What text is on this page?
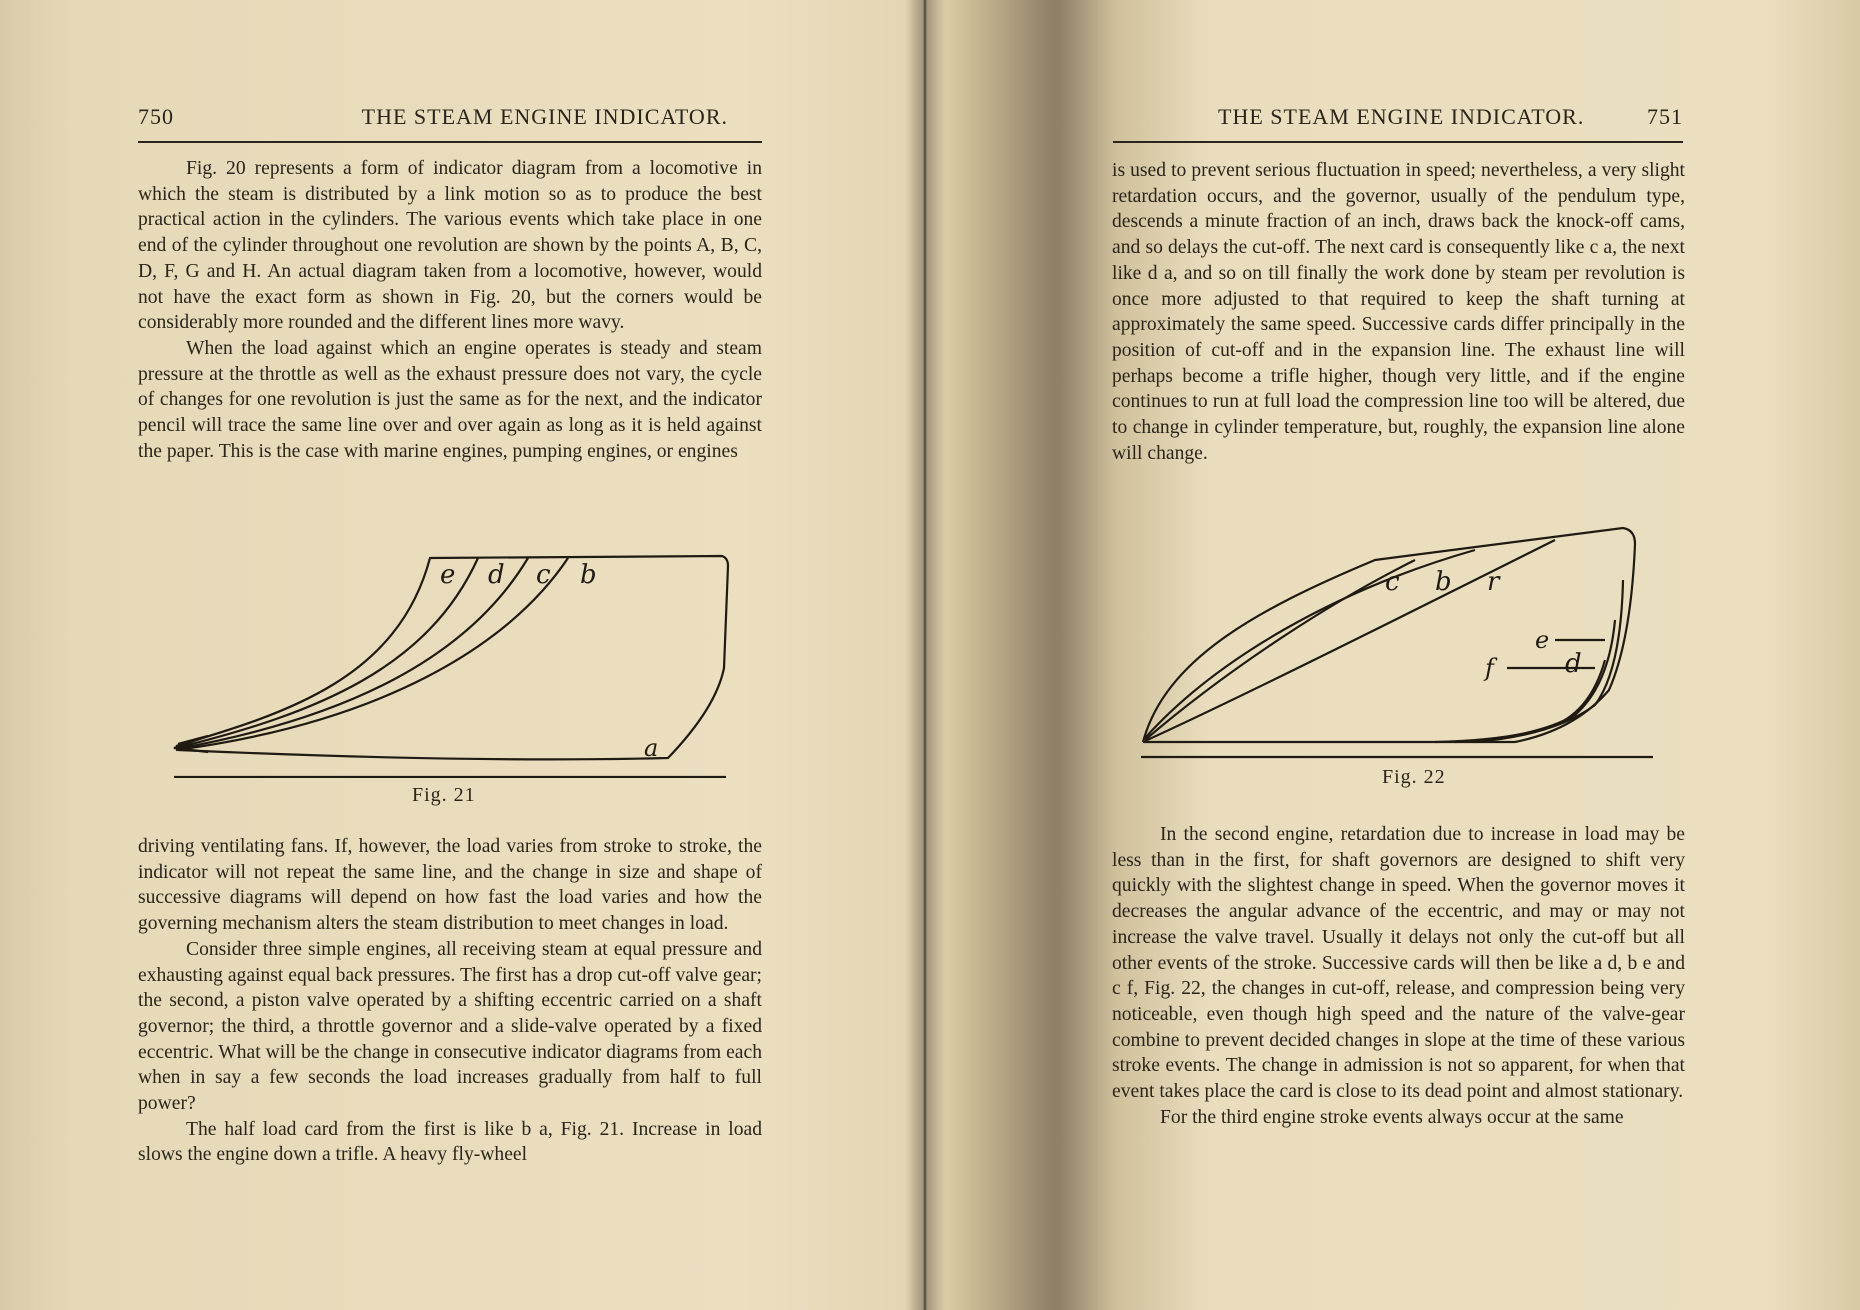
750	THE STEAM ENGINE INDICATOR.

Fig. 20 represents a form of indicator diagram from a locomotive in which the steam is distributed by a link motion so as to produce the best practical action in the cylinders. The various events which take place in one end of the cylinder throughout one revolution are shown by the points A, B, C, D, F, G and H. An actual diagram taken from a locomotive, however, would not have the exact form as shown in Fig. 20, but the corners would be considerably more rounded and the different lines more wavy.

When the load against which an engine operates is steady and steam pressure at the throttle as well as the exhaust pressure does not vary, the cycle of changes for one revolution is just the same as for the next, and the indicator pencil will trace the same line over and over again as long as it is held against the paper. This is the case with marine engines, pumping engines, or engines

e d c b
a
Fig. 21

driving ventilating fans. If, however, the load varies from stroke to stroke, the indicator will not repeat the same line, and the change in size and shape of successive diagrams will depend on how fast the load varies and how the governing mechanism alters the steam distribution to meet changes in load.

Consider three simple engines, all receiving steam at equal pressure and exhausting against equal back pressures. The first has a drop cut-off valve gear; the second, a piston valve operated by a shifting eccentric carried on a shaft governor; the third, a throttle governor and a slide-valve operated by a fixed eccentric. What will be the change in consecutive indicator diagrams from each when in say a few seconds the load increases gradually from half to full power?

The half load card from the first is like b a, Fig. 21. Increase in load slows the engine down a trifle. A heavy fly-wheel

THE STEAM ENGINE INDICATOR.	751

is used to prevent serious fluctuation in speed; nevertheless, a very slight retardation occurs, and the governor, usually of the pendulum type, descends a minute fraction of an inch, draws back the knock-off cams, and so delays the cut-off. The next card is consequently like c a, the next like d a, and so on till finally the work done by steam per revolution is once more adjusted to that required to keep the shaft turning at approximately the same speed. Successive cards differ principally in the position of cut-off and in the expansion line. The exhaust line will perhaps become a trifle higher, though very little, and if the engine continues to run at full load the compression line too will be altered, due to change in cylinder temperature, but, roughly, the expansion line alone will change.

c b r
d
e
f
Fig. 22

In the second engine, retardation due to increase in load may be less than in the first, for shaft governors are designed to shift very quickly with the slightest change in speed. When the governor moves it decreases the angular advance of the eccentric, and may or may not increase the valve travel. Usually it delays not only the cut-off but all other events of the stroke. Successive cards will then be like a d, b e and c f, Fig. 22, the changes in cut-off, release, and compression being very noticeable, even though high speed and the nature of the valve-gear combine to prevent decided changes in slope at the time of these various stroke events. The change in admission is not so apparent, for when that event takes place the card is close to its dead point and almost stationary.

For the third engine stroke events always occur at the same
